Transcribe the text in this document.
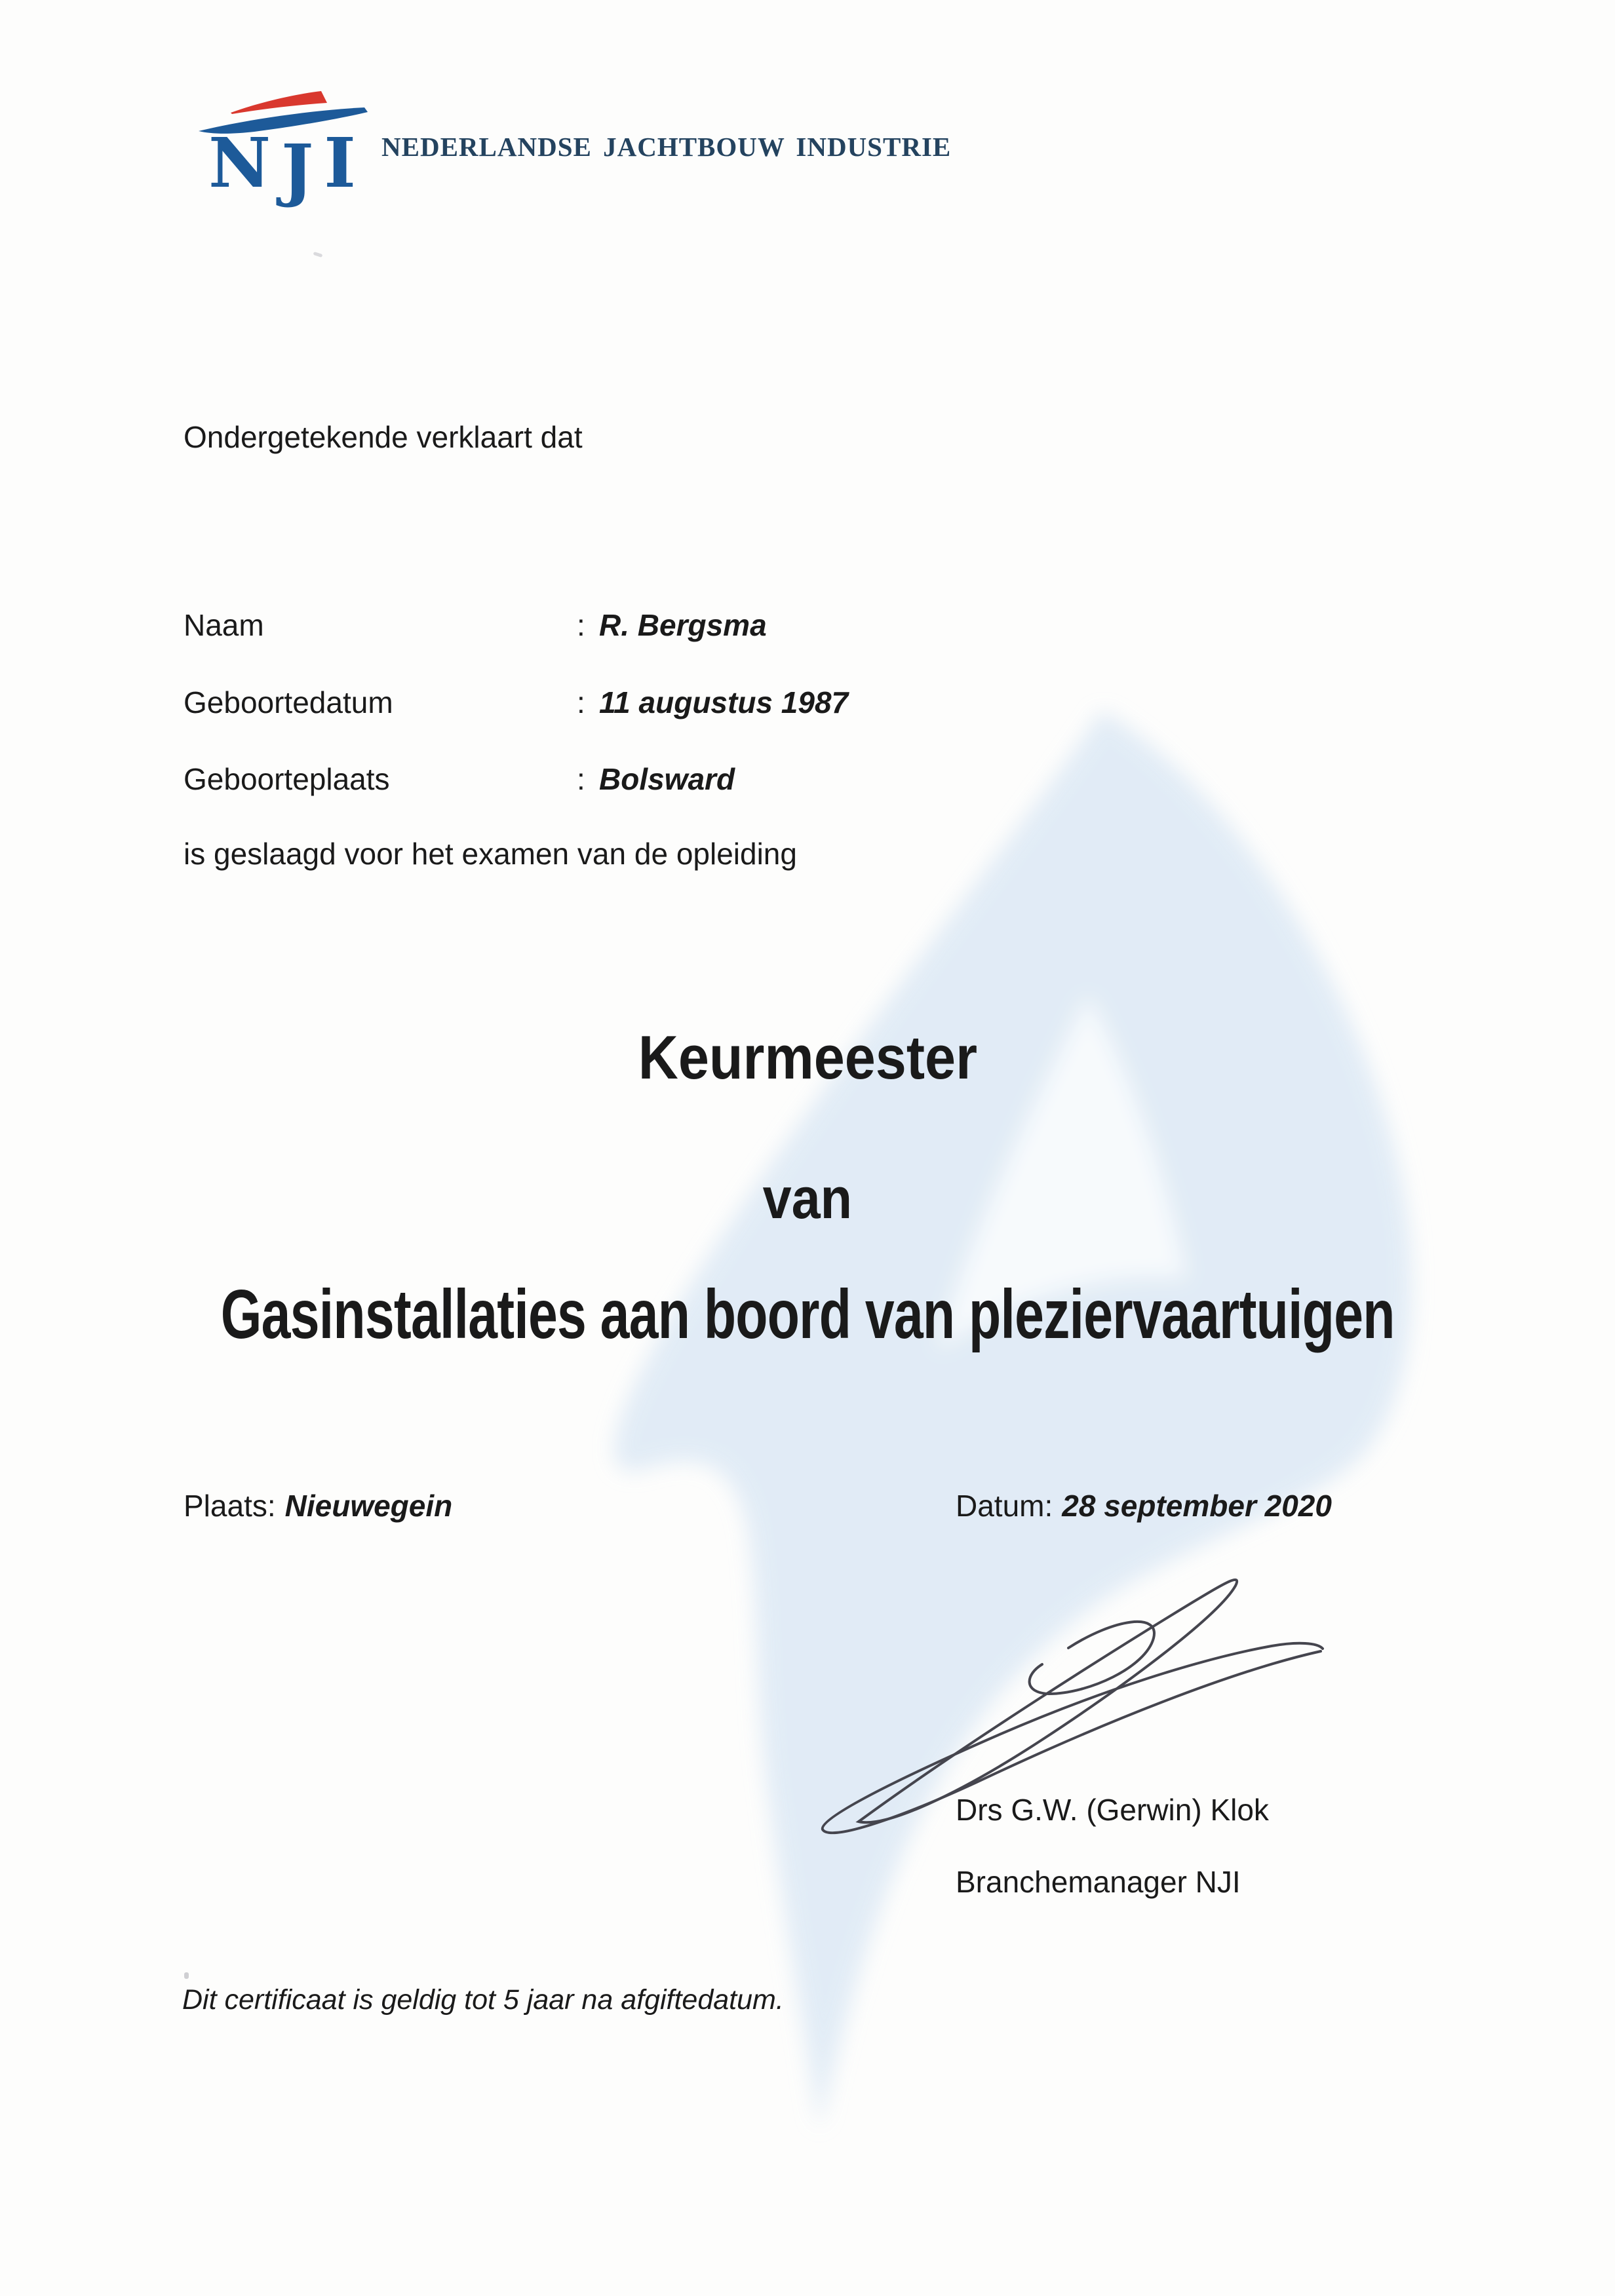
NJI NEDERLANDSE JACHTBOUW INDUSTRIE
Ondergetekende verklaart dat
Naam	: R. Bergsma
Geboortedatum	: 11 augustus 1987
Geboorteplaats	: Bolsward
is geslaagd voor het examen van de opleiding
Keurmeester
van
Gasinstallaties aan boord van pleziervaartuigen
Plaats: Nieuwegein	Datum: 28 september 2020
Drs G.W. (Gerwin) Klok
Branchemanager NJI
Dit certificaat is geldig tot 5 jaar na afgiftedatum.
